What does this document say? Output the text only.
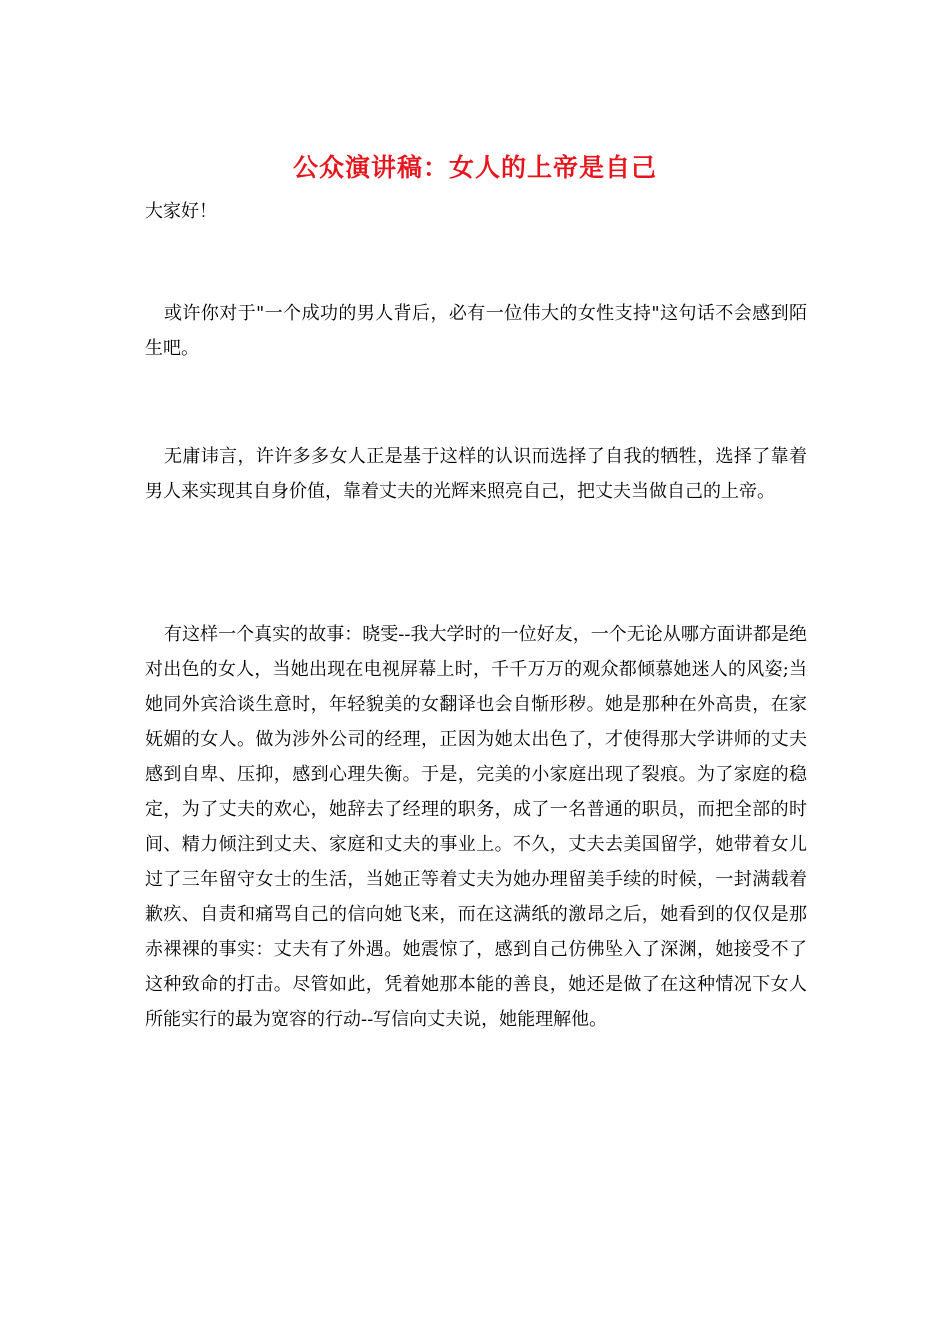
公众演讲稿：女人的上帝是自己
大家好！

或许你对于"一个成功的男人背后，必有一位伟大的女性支持"这句话不会感到陌生吧。

无庸讳言，许许多多女人正是基于这样的认识而选择了自我的牺牲，选择了靠着男人来实现其自身价值，靠着丈夫的光辉来照亮自己，把丈夫当做自己的上帝。

有这样一个真实的故事：晓雯--我大学时的一位好友，一个无论从哪方面讲都是绝对出色的女人，当她出现在电视屏幕上时，千千万万的观众都倾慕她迷人的风姿;当她同外宾洽谈生意时，年轻貌美的女翻译也会自惭形秽。她是那种在外高贵，在家妩媚的女人。做为涉外公司的经理，正因为她太出色了，才使得那大学讲师的丈夫感到自卑、压抑，感到心理失衡。于是，完美的小家庭出现了裂痕。为了家庭的稳定，为了丈夫的欢心，她辞去了经理的职务，成了一名普通的职员，而把全部的时间、精力倾注到丈夫、家庭和丈夫的事业上。不久，丈夫去美国留学，她带着女儿过了三年留守女士的生活，当她正等着丈夫为她办理留美手续的时候，一封满载着歉疚、自责和痛骂自己的信向她飞来，而在这满纸的激昂之后，她看到的仅仅是那赤裸裸的事实：丈夫有了外遇。她震惊了，感到自己仿佛坠入了深渊，她接受不了这种致命的打击。尽管如此，凭着她那本能的善良，她还是做了在这种情况下女人所能实行的最为宽容的行动--写信向丈夫说，她能理解他。
